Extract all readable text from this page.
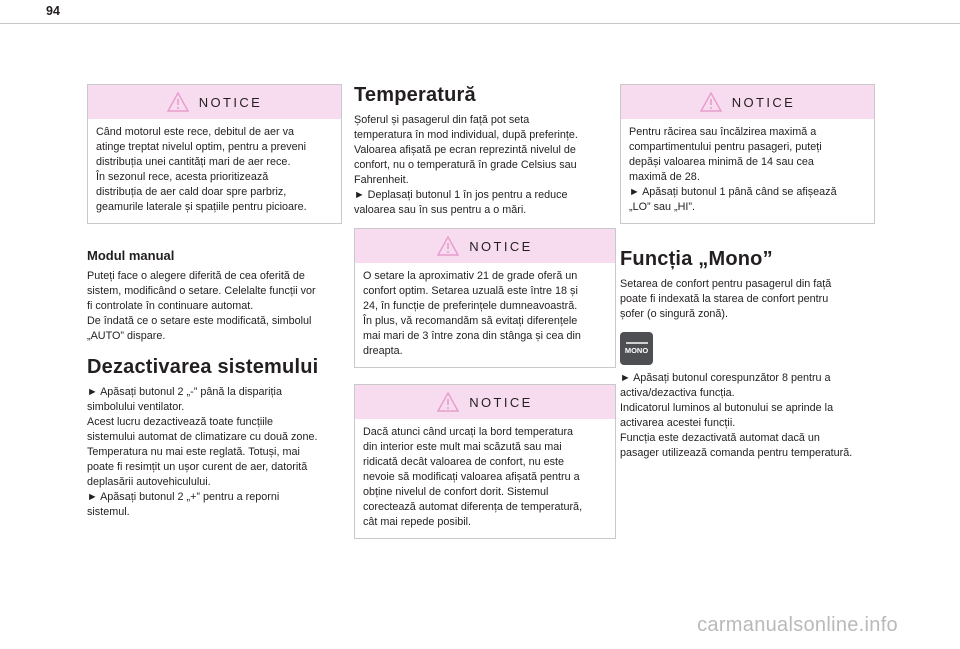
94
NOTICE
Când motorul este rece, debitul de aer va
atinge treptat nivelul optim, pentru a preveni
distribuția unei cantități mari de aer rece.
În sezonul rece, acesta prioritizează
distribuția de aer cald doar spre parbriz,
geamurile laterale și spațiile pentru picioare.
Modul manual
Puteți face o alegere diferită de cea oferită de
sistem, modificând o setare. Celelalte funcții vor
fi controlate în continuare automat.
De îndată ce o setare este modificată, simbolul
„AUTO” dispare.
Dezactivarea sistemului
► Apăsați butonul 2 „-” până la dispariția
simbolului ventilator.
Acest lucru dezactivează toate funcțiile
sistemului automat de climatizare cu două zone.
Temperatura nu mai este reglată. Totuși, mai
poate fi resimțit un ușor curent de aer, datorită
deplasării autovehiculului.
► Apăsați butonul 2 „+” pentru a reporni
sistemul.
Temperatură
Șoferul și pasagerul din față pot seta
temperatura în mod individual, după preferințe.
Valoarea afișată pe ecran reprezintă nivelul de
confort, nu o temperatură în grade Celsius sau
Fahrenheit.
► Deplasați butonul 1 în jos pentru a reduce
valoarea sau în sus pentru a o mări.
NOTICE
O setare la aproximativ 21 de grade oferă un
confort optim. Setarea uzuală este între 18 și
24, în funcție de preferințele dumneavoastră.
În plus, vă recomandăm să evitați diferențele
mai mari de 3 între zona din stânga și cea din
dreapta.
NOTICE
Dacă atunci când urcați la bord temperatura
din interior este mult mai scăzută sau mai
ridicată decât valoarea de confort, nu este
nevoie să modificați valoarea afișată pentru a
obține nivelul de confort dorit. Sistemul
corectează automat diferența de temperatură,
cât mai repede posibil.
NOTICE
Pentru răcirea sau încălzirea maximă a
compartimentului pentru pasageri, puteți
depăși valoarea minimă de 14 sau cea
maximă de 28.
► Apăsați butonul 1 până când se afișează
„LO” sau „HI”.
Funcția „Mono”
Setarea de confort pentru pasagerul din față
poate fi indexată la starea de confort pentru
șofer (o singură zonă).
MONO
► Apăsați butonul corespunzător 8 pentru a
activa/dezactiva funcția.
Indicatorul luminos al butonului se aprinde la
activarea acestei funcții.
Funcția este dezactivată automat dacă un
pasager utilizează comanda pentru temperatură.
carmanualsonline.info
